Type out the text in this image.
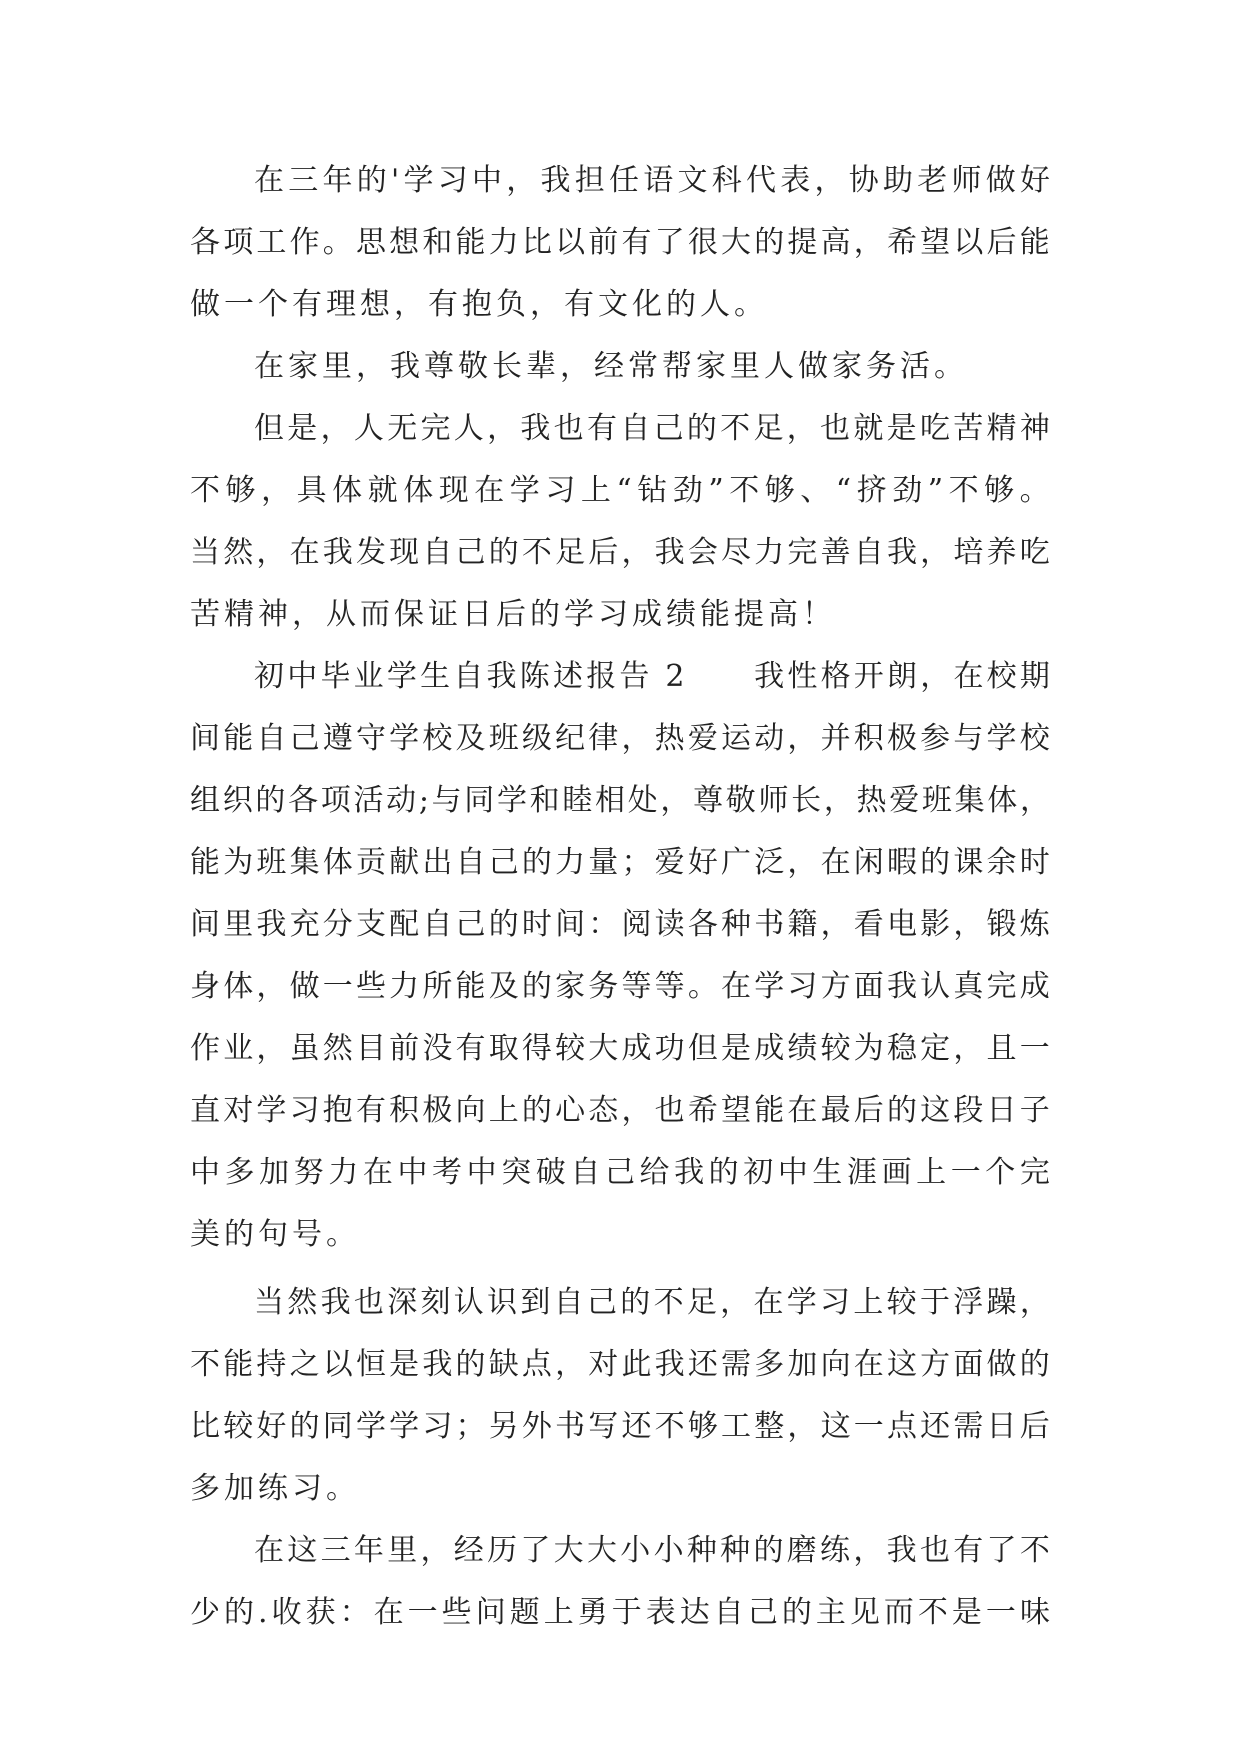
在 三 年 的 ' 学 习 中 ， 我 担 任 语 文 科 代 表 ， 协 助 老 师 做 好
各 项 工 作 。 思 想 和 能 力 比 以 前 有 了 很 大 的 提 高 ， 希 望 以 后 能
做一个有理想，有抱负，有文化的人。
在家里，我尊敬长辈，经常帮家里人做家务活。
但 是 ， 人 无 完 人 ， 我 也 有 自 己 的 不 足 ， 也 就 是 吃 苦 精 神
不 够 ， 具 体 就 体 现 在 学 习 上 “ 钻 劲 ” 不 够 、 “ 挤 劲 ” 不 够 。
当 然 ， 在 我 发 现 自 己 的 不 足 后 ， 我 会 尽 力 完 善 自 我 ， 培 养 吃
苦精神，从而保证日后的学习成绩能提高！
初 中 毕 业 学 生 自 我 陈 述 报 告
2

　 我 性 格 开 朗 ， 在 校 期
间 能 自 己 遵 守 学 校 及 班 级 纪 律 ， 热 爱 运 动 ， 并 积 极 参 与 学 校
组 织 的 各 项 活 动 ; 与 同 学 和 睦 相 处 ， 尊 敬 师 长 ， 热 爱 班 集 体 ，
能 为 班 集 体 贡 献 出 自 己 的 力 量 ； 爱 好 广 泛 ， 在 闲 暇 的 课 余 时
间 里 我 充 分 支 配 自 己 的 时 间 ： 阅 读 各 种 书 籍 ， 看 电 影 ， 锻 炼
身 体 ， 做 一 些 力 所 能 及 的 家 务 等 等 。 在 学 习 方 面 我 认 真 完 成
作 业 ， 虽 然 目 前 没 有 取 得 较 大 成 功 但 是 成 绩 较 为 稳 定 ， 且 一
直 对 学 习 抱 有 积 极 向 上 的 心 态 ， 也 希 望 能 在 最 后 的 这 段 日 子
中 多 加 努 力 在 中 考 中 突 破 自 己 给 我 的 初 中 生 涯 画 上 一 个 完
美的句号。
当 然 我 也 深 刻 认 识 到 自 己 的 不 足 ， 在 学 习 上 较 于 浮 躁 ，
不 能 持 之 以 恒 是 我 的 缺 点 ， 对 此 我 还 需 多 加 向 在 这 方 面 做 的
比 较 好 的 同 学 学 习 ； 另 外 书 写 还 不 够 工 整 ， 这 一 点 还 需 日 后
多加练习。
在 这 三 年 里 ， 经 历 了 大 大 小 小 种 种 的 磨 练 ， 我 也 有 了 不
少 的 . 收 获 ： 在 一 些 问 题 上 勇 于 表 达 自 己 的 主 见 而 不 是 一 味
